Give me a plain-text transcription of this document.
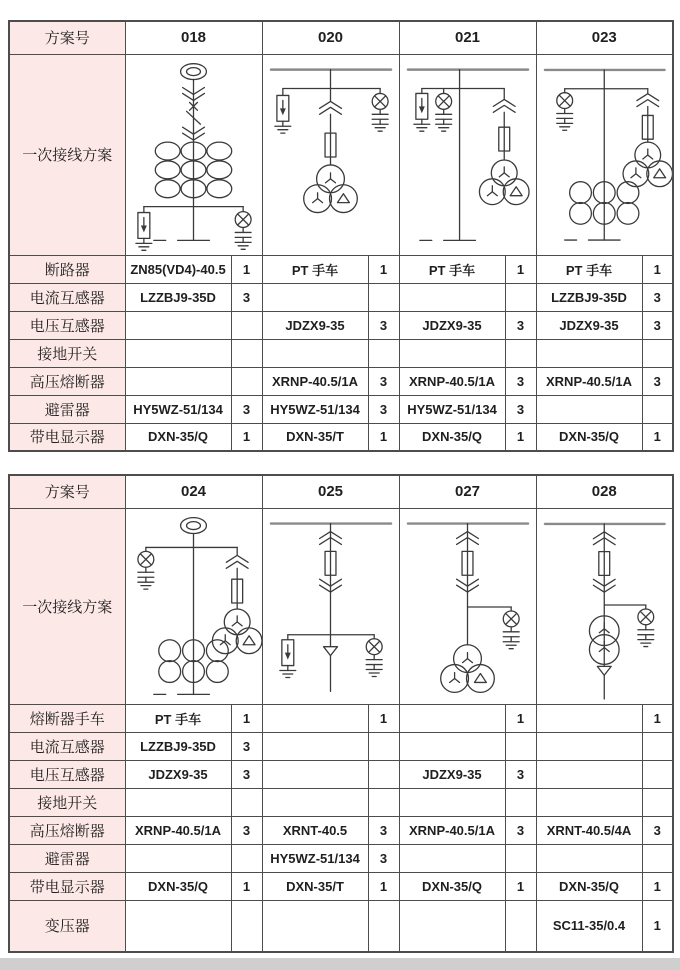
方案号	018		020		021		023	
一次接线方案	

断路器	ZN85(VD4)-40.5	1	PT 手车	1	PT 手车	1	PT 手车	1
电流互感器	LZZBJ9-35D	3					LZZBJ9-35D	3
电压互感器			JDZX9-35	3	JDZX9-35	3	JDZX9-35	3
接地开关								
高压熔断器			XRNP-40.5/1A	3	XRNP-40.5/1A	3	XRNP-40.5/1A	3
避雷器	HY5WZ-51/134	3	HY5WZ-51/134	3	HY5WZ-51/134	3		
带电显示器	DXN-35/Q	1	DXN-35/T	1	DXN-35/Q	1	DXN-35/Q	1
方案号	024		025		027		028	
一次接线方案	

熔断器手车	PT 手车	1		1		1		1
电流互感器	LZZBJ9-35D	3						
电压互感器	JDZX9-35	3			JDZX9-35	3		
接地开关								
高压熔断器	XRNP-40.5/1A	3	XRNT-40.5	3	XRNP-40.5/1A	3	XRNT-40.5/4A	3
避雷器			HY5WZ-51/134	3				
带电显示器	DXN-35/Q	1	DXN-35/T	1	DXN-35/Q	1	DXN-35/Q	1
变压器							SC11-35/0.4	1
